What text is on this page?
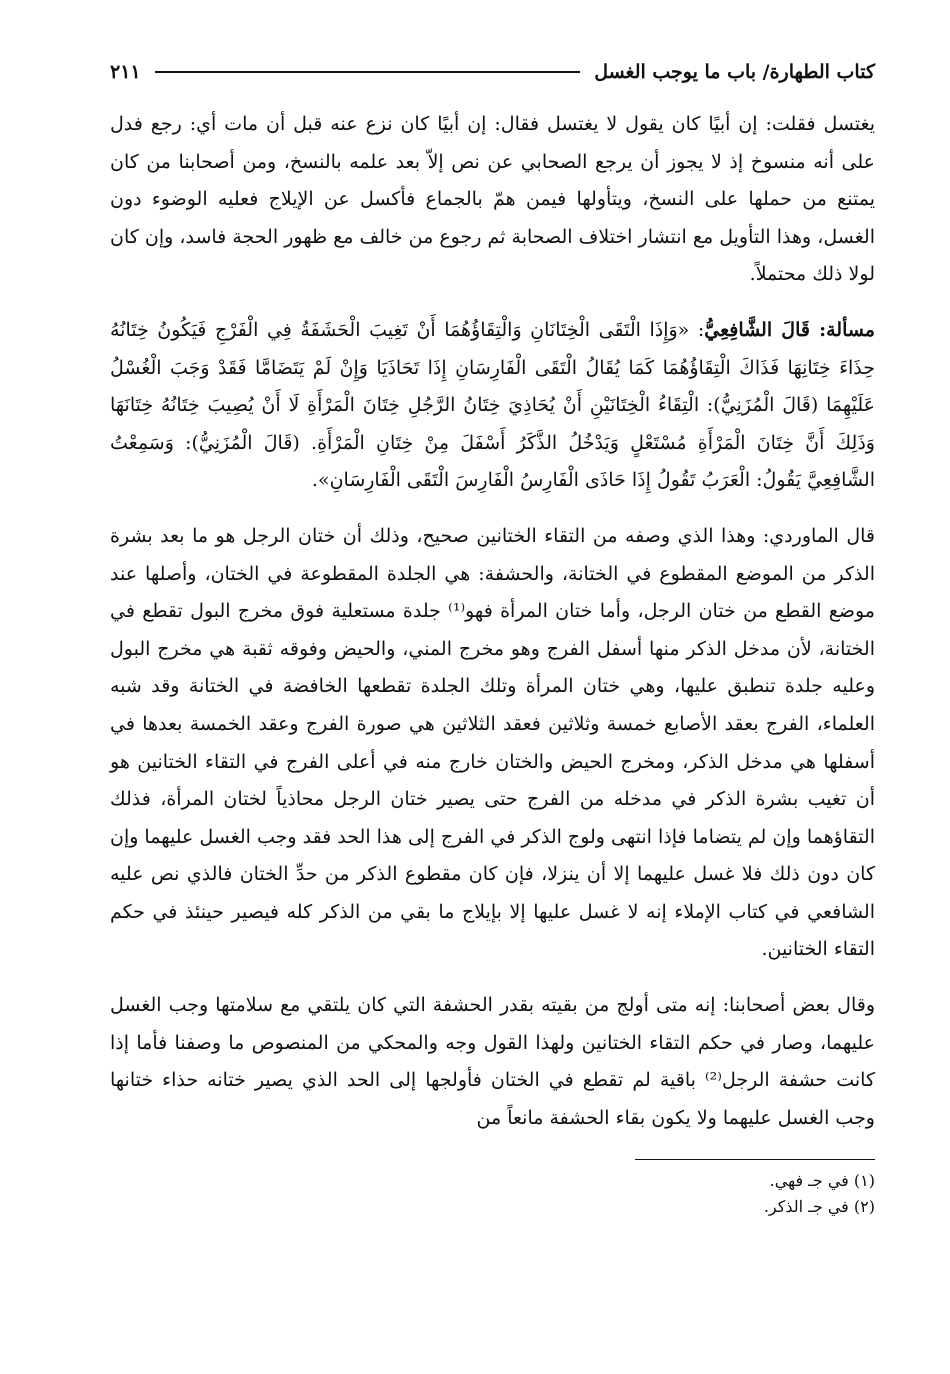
كتاب الطهارة/ باب ما يوجب الغسل
٢١١

يغتسل فقلت: إن أبيًا كان يقول لا يغتسل فقال: إن أبيًا كان نزع عنه قبل أن مات أي: رجع فدل على أنه منسوخ إذ لا يجوز أن يرجع الصحابي عن نص إلاّ بعد علمه بالنسخ، ومن أصحابنا من كان يمتنع من حملها على النسخ، ويتأولها فيمن همّ بالجماع فأكسل عن الإيلاج فعليه الوضوء دون الغسل، وهذا التأويل مع انتشار اختلاف الصحابة ثم رجوع من خالف مع ظهور الحجة فاسد، وإن كان لولا ذلك محتملاً.

مسألة: قَالَ الشَّافِعِيُّ: «وَإِذَا الْتَقَى الْخِتَانَانِ وَالْتِقَاؤُهُمَا أَنْ تَغِيبَ الْحَشَفَةُ فِي الْفَرْجِ فَيَكُونُ خِتَانُهُ حِذَاءَ خِتَانِهَا فَذَاكَ الْتِقَاؤُهُمَا كَمَا يُقَالُ الْتَقَى الْفَارِسَانِ إِذَا تَحَاذَيَا وَإِنْ لَمْ يَتَضَامَّا فَقَدْ وَجَبَ الْغُسْلُ عَلَيْهِمَا (قَالَ الْمُزَنِيُّ): الْتِقَاءُ الْخِتَانَيْنِ أَنْ يُحَاذِيَ خِتَانُ الرَّجُلِ خِتَانَ الْمَرْأَةِ لَا أَنْ يُصِيبَ خِتَانُهُ خِتَانَهَا وَذَلِكَ أَنَّ خِتَانَ الْمَرْأَةِ مُسْتَعْلٍ وَيَدْخُلُ الذَّكَرُ أَسْفَلَ مِنْ خِتَانِ الْمَرْأَةِ. (قَالَ الْمُزَنِيُّ): وَسَمِعْتُ الشَّافِعِيَّ يَقُولُ: الْعَرَبُ تَقُولُ إِذَا حَاذَى الْفَارِسُ الْفَارِسَ الْتَقَى الْفَارِسَانِ».

قال الماوردي: وهذا الذي وصفه من التقاء الختانين صحيح، وذلك أن ختان الرجل هو ما بعد بشرة الذكر من الموضع المقطوع في الختانة، والحشفة: هي الجلدة المقطوعة في الختان، وأصلها عند موضع القطع من ختان الرجل، وأما ختان المرأة فهو⁽¹⁾ جلدة مستعلية فوق مخرج البول تقطع في الختانة، لأن مدخل الذكر منها أسفل الفرج وهو مخرج المني، والحيض وفوقه ثقبة هي مخرج البول وعليه جلدة تنطبق عليها، وهي ختان المرأة وتلك الجلدة تقطعها الخافضة في الختانة وقد شبه العلماء، الفرج بعقد الأصابع خمسة وثلاثين فعقد الثلاثين هي صورة الفرج وعقد الخمسة بعدها في أسفلها هي مدخل الذكر، ومخرج الحيض والختان خارج منه في أعلى الفرج في التقاء الختانين هو أن تغيب بشرة الذكر في مدخله من الفرج حتى يصير ختان الرجل محاذياً لختان المرأة، فذلك التقاؤهما وإن لم يتضاما فإذا انتهى ولوج الذكر في الفرج إلى هذا الحد فقد وجب الغسل عليهما وإن كان دون ذلك فلا غسل عليهما إلا أن ينزلا، فإن كان مقطوع الذكر من حدِّ الختان فالذي نص عليه الشافعي في كتاب الإملاء إنه لا غسل عليها إلا بإيلاج ما بقي من الذكر كله فيصير حينئذ في حكم التقاء الختانين.

وقال بعض أصحابنا: إنه متى أولج من بقيته بقدر الحشفة التي كان يلتقي مع سلامتها وجب الغسل عليهما، وصار في حكم التقاء الختانين ولهذا القول وجه والمحكي من المنصوص ما وصفنا فأما إذا كانت حشفة الرجل⁽²⁾ باقية لم تقطع في الختان فأولجها إلى الحد الذي يصير ختانه حذاء ختانها وجب الغسل عليهما ولا يكون بقاء الحشفة مانعاً من

(١) في جـ فهي.
(٢) في جـ الذكر.
